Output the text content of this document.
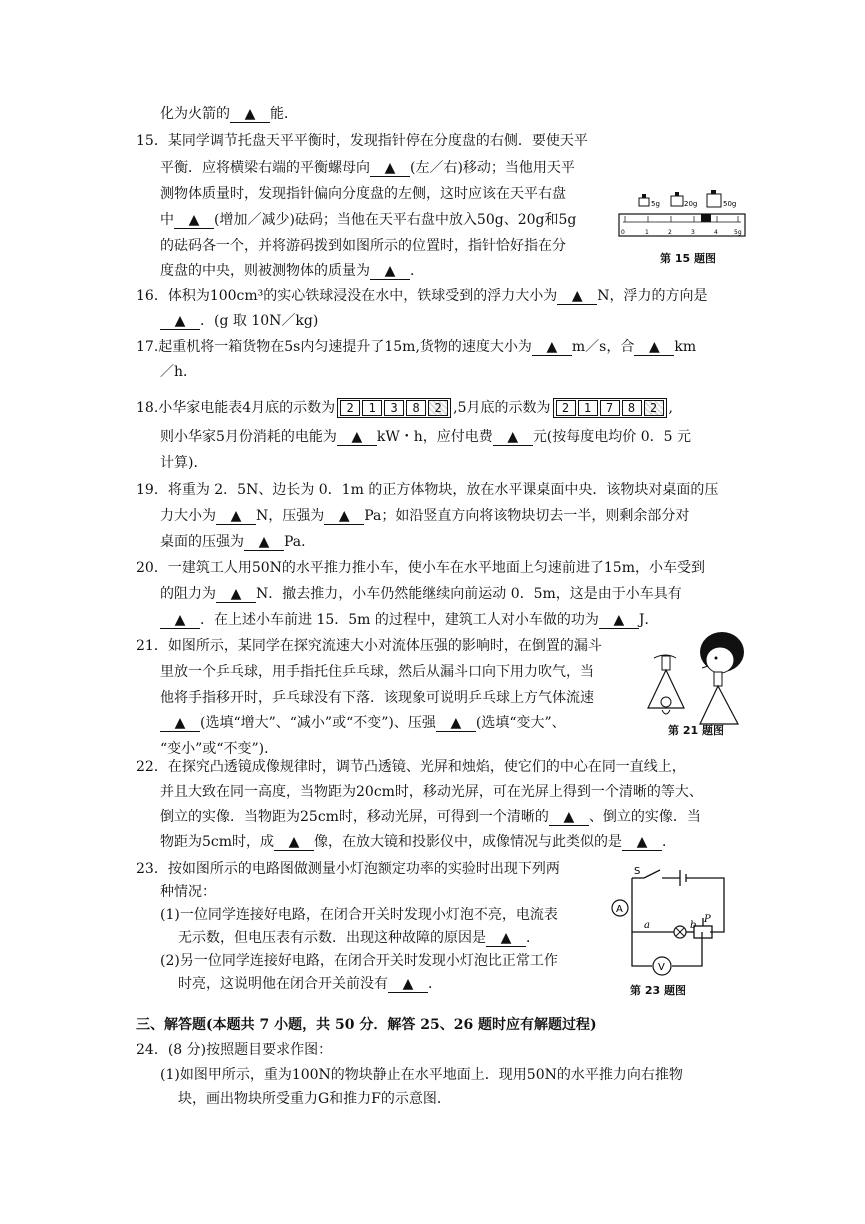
化为火箭的 ▲ 能．
15．某同学调节托盘天平平衡时，发现指针停在分度盘的右侧．要使天平
平衡．应将横梁右端的平衡螺母向 ▲ (左／右)移动；当他用天平
测物体质量时，发现指针偏向分度盘的左侧，这时应该在天平右盘
中 ▲ (增加／减少)砝码；当他在天平右盘中放入50g、20g和5g
的砝码各一个，并将游码拨到如图所示的位置时，指针恰好指在分
度盘的中央，则被测物体的质量为 ▲ ．
5g	20g	50g
0	1	2	3	4	5g
第 15 题图
16．体积为100cm³的实心铁球浸没在水中，铁球受到的浮力大小为 ▲ N，浮力的方向是
▲ ．(g 取 10N／kg)
17.起重机将一箱货物在5s内匀速提升了15m,货物的速度大小为 ▲ m／s，合 ▲ km
／h．
18.小华家电能表4月底的示数为 2	1	3	8	2 ,5月底的示数为 2	1	7	8	2 ,
则小华家5月份消耗的电能为 ▲ kW・h，应付电费 ▲ 元(按每度电均价 0．5 元
计算)．
19．将重为 2．5N、边长为 0．1m 的正方体物块，放在水平课桌面中央．该物块对桌面的压
力大小为 ▲ N，压强为 ▲ Pa；如沿竖直方向将该物块切去一半，则剩余部分对
桌面的压强为 ▲ Pa．
20．一建筑工人用50N的水平推力推小车，使小车在水平地面上匀速前进了15m，小车受到
的阻力为 ▲ N．撤去推力，小车仍然能继续向前运动 0．5m，这是由于小车具有
▲ ．在上述小车前进 15．5m 的过程中，建筑工人对小车做的功为 ▲ J．
21．如图所示，某同学在探究流速大小对流体压强的影响时，在倒置的漏斗
里放一个乒乓球，用手指托住乒乓球，然后从漏斗口向下用力吹气，当
他将手指移开时，乒乓球没有下落．该现象可说明乒乓球上方气体流速
▲ (选填“增大”、“减小”或“不变”)、压强 ▲ (选填“变大”、
“变小”或“不变”)．
第 21 题图
22．在探究凸透镜成像规律时，调节凸透镜、光屏和烛焰，使它们的中心在同一直线上，
并且大致在同一高度，当物距为20cm时，移动光屏，可在光屏上得到一个清晰的等大、
倒立的实像．当物距为25cm时，移动光屏，可得到一个清晰的 ▲ 、倒立的实像．当
物距为5cm时，成 ▲ 像，在放大镜和投影仪中，成像情况与此类似的是 ▲ ．
23．按如图所示的电路图做测量小灯泡额定功率的实验时出现下列两
种情况：
(1)一位同学连接好电路，在闭合开关时发现小灯泡不亮，电流表
无示数，但电压表有示数．出现这种故障的原因是 ▲ ．
(2)另一位同学连接好电路，在闭合开关时发现小灯泡比正常工作
时亮，这说明他在闭合开关前没有 ▲ ．
A
V
S
a	b
P
第 23 题图
三、解答题(本题共 7 小题，共 50 分．解答 25、26 题时应有解题过程)
24．(8 分)按照题目要求作图：
(1)如图甲所示，重为100N的物块静止在水平地面上．现用50N的水平推力向右推物
块，画出物块所受重力G和推力F的示意图．
